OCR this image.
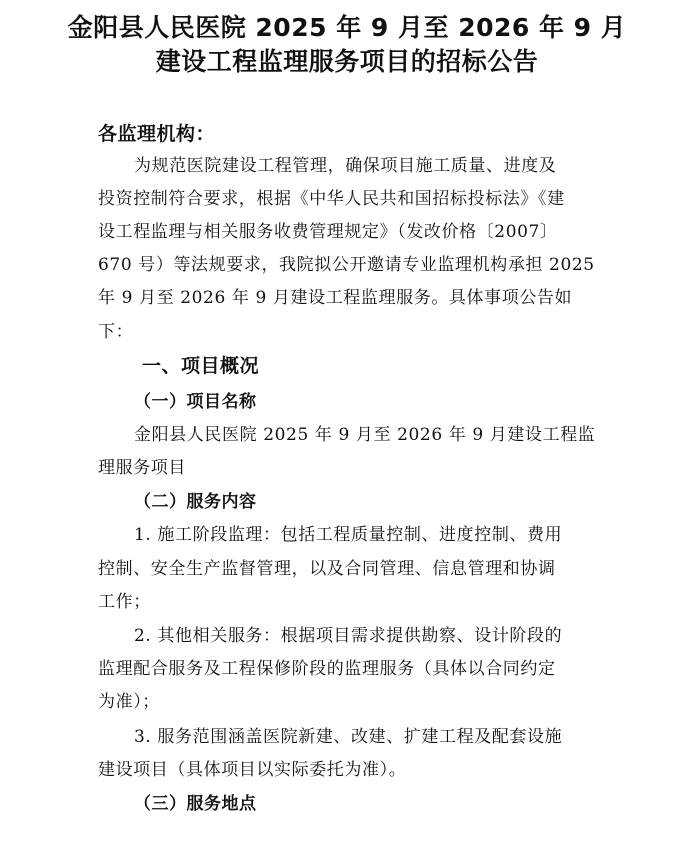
金阳县人民医院 2025 年 9 月至 2026 年 9 月
建设工程监理服务项目的招标公告
各监理机构：
为规范医院建设工程管理，确保项目施工质量、进度及
投资控制符合要求，根据《中华人民共和国招标投标法》《建
设工程监理与相关服务收费管理规定》（发改价格〔2007〕
670 号）等法规要求，我院拟公开邀请专业监理机构承担 2025
年 9 月至 2026 年 9 月建设工程监理服务。具体事项公告如
下：
一、项目概况
（一）项目名称
金阳县人民医院 2025 年 9 月至 2026 年 9 月建设工程监
理服务项目
（二）服务内容
1. 施工阶段监理：包括工程质量控制、进度控制、费用
控制、安全生产监督管理，以及合同管理、信息管理和协调
工作；
2. 其他相关服务：根据项目需求提供勘察、设计阶段的
监理配合服务及工程保修阶段的监理服务（具体以合同约定
为准）；
3. 服务范围涵盖医院新建、改建、扩建工程及配套设施
建设项目（具体项目以实际委托为准）。
（三）服务地点
